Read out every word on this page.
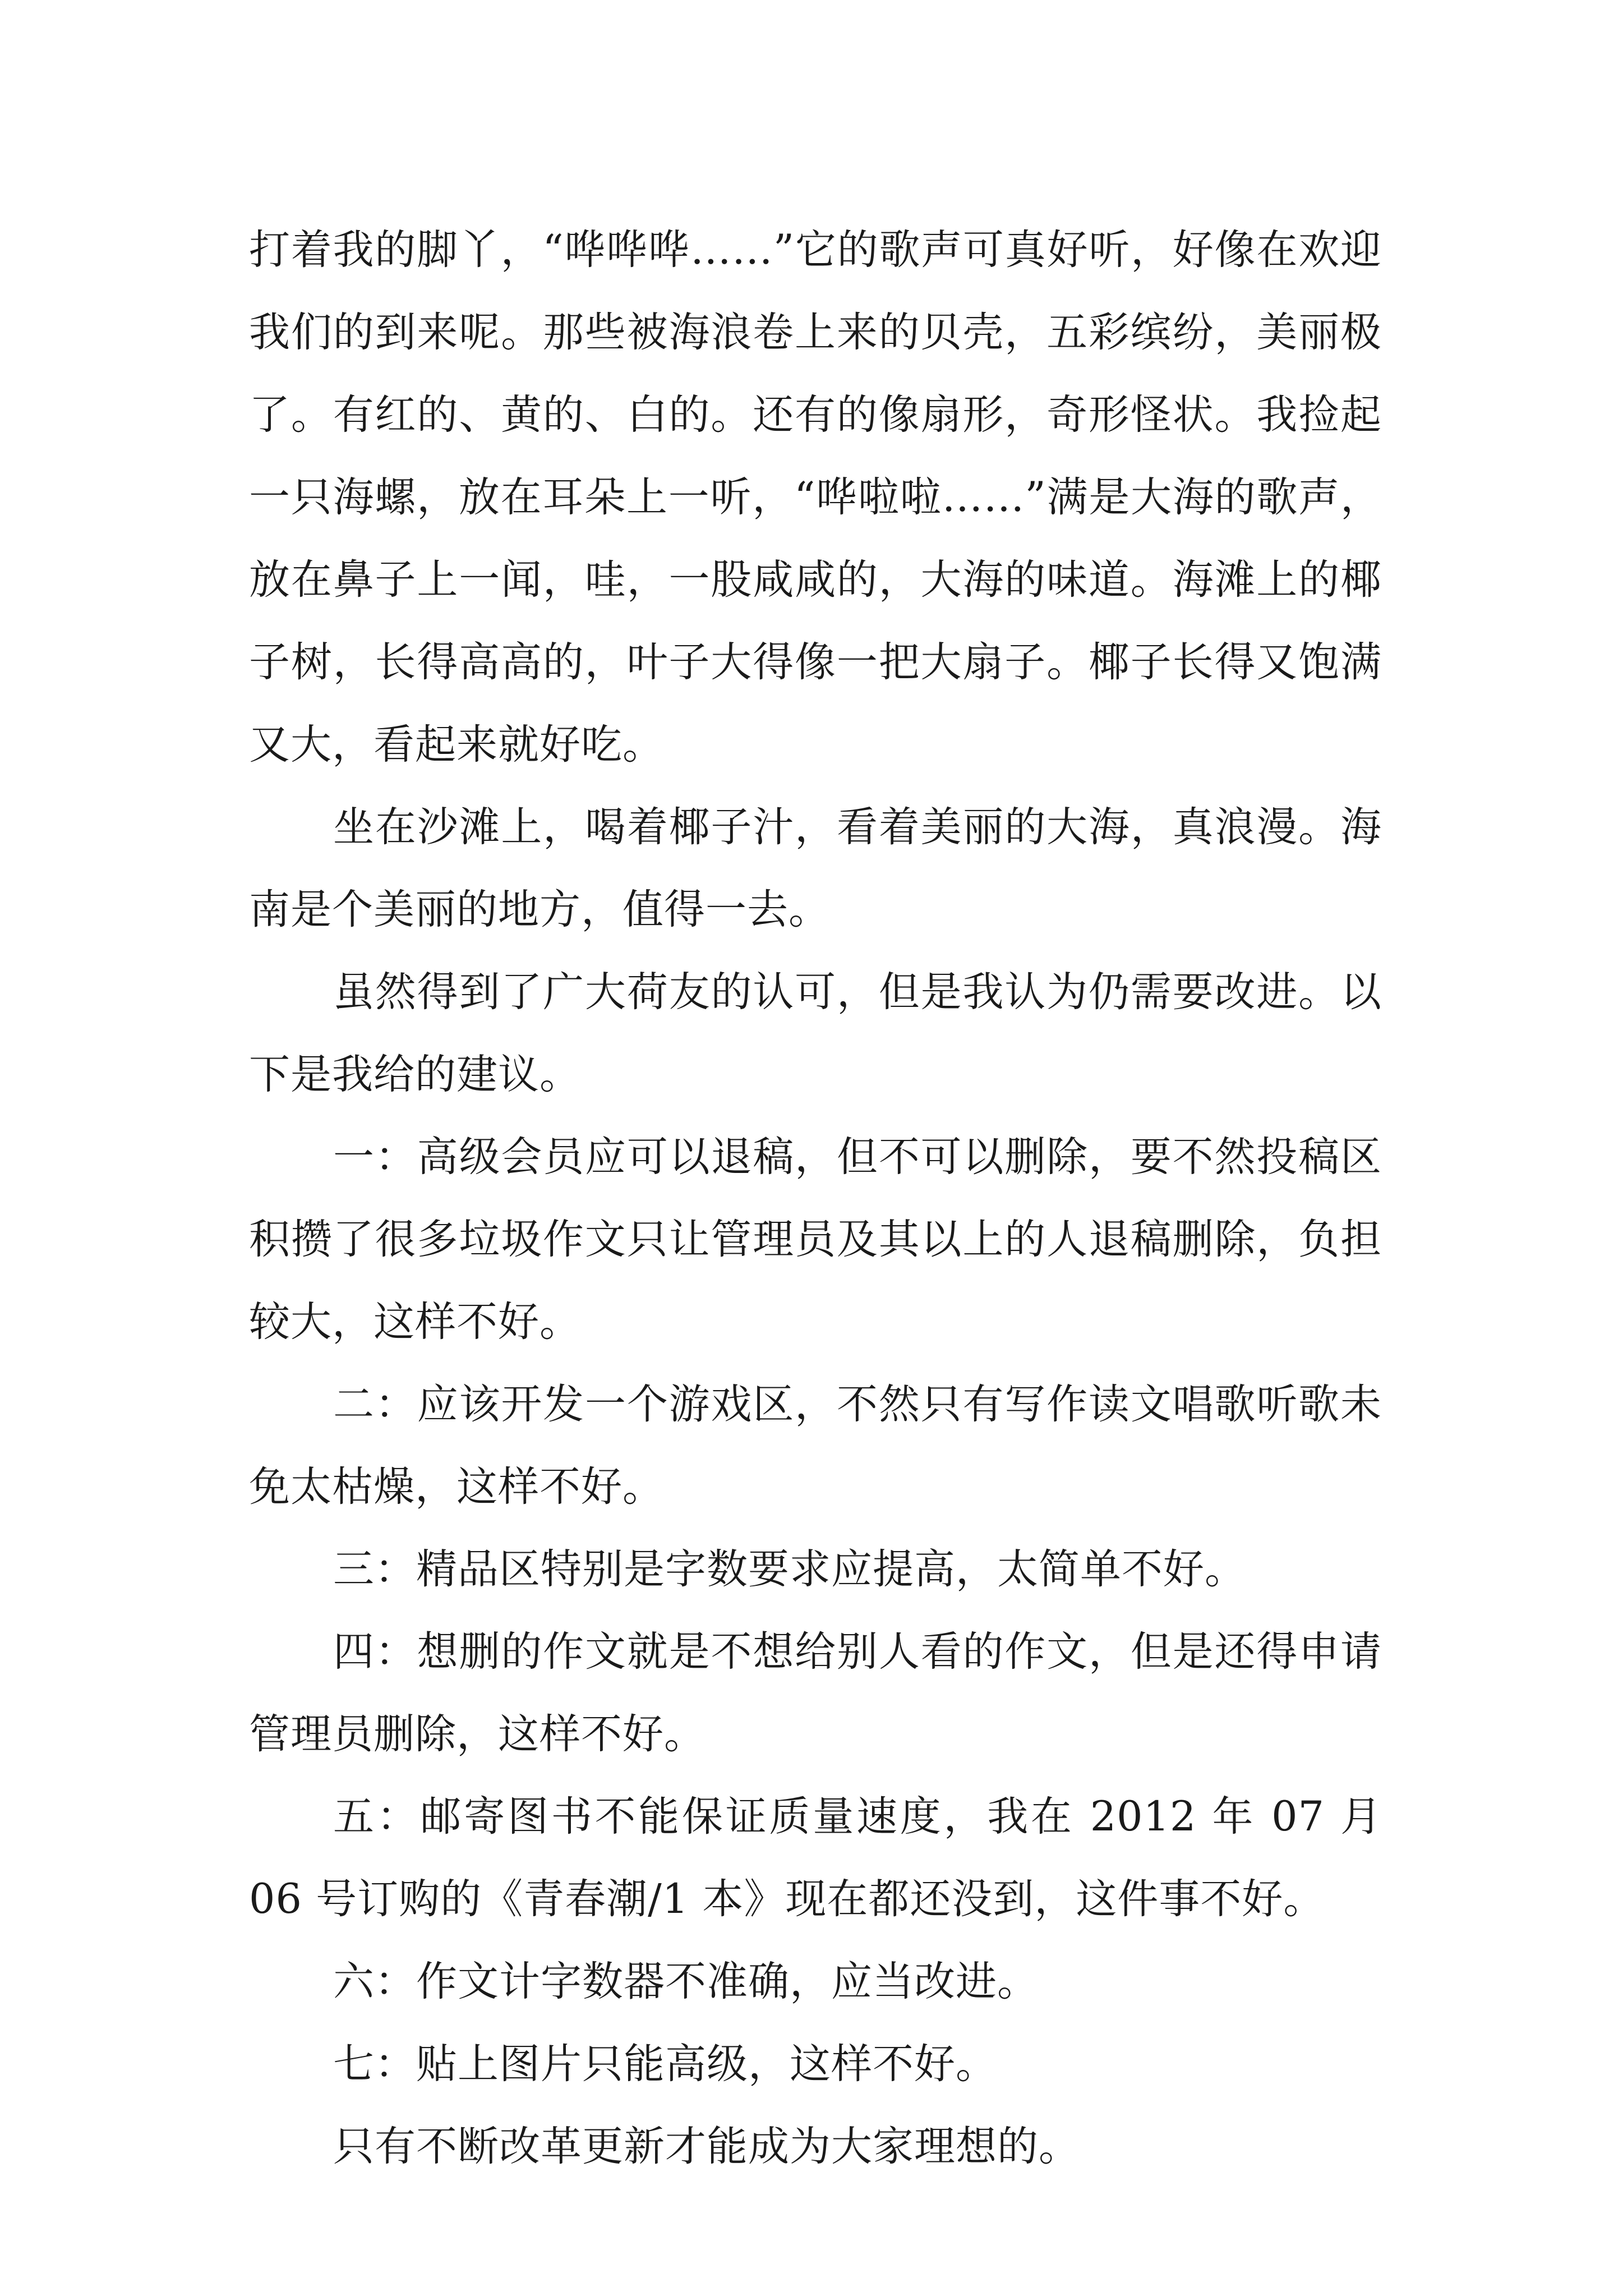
打着我的脚丫，“哗哗哗……”它的歌声可真好听，好像在欢迎我们的到来呢。那些被海浪卷上来的贝壳，五彩缤纷，美丽极了。有红的、黄的、白的。还有的像扇形，奇形怪状。我捡起一只海螺，放在耳朵上一听，“哗啦啦……”满是大海的歌声，放在鼻子上一闻，哇，一股咸咸的，大海的味道。海滩上的椰子树，长得高高的，叶子大得像一把大扇子。椰子长得又饱满又大，看起来就好吃。

坐在沙滩上，喝着椰子汁，看着美丽的大海，真浪漫。海南是个美丽的地方，值得一去。

虽然得到了广大荷友的认可，但是我认为仍需要改进。以下是我给的建议。

一：高级会员应可以退稿，但不可以删除，要不然投稿区积攒了很多垃圾作文只让管理员及其以上的人退稿删除，负担较大，这样不好。

二：应该开发一个游戏区，不然只有写作读文唱歌听歌未免太枯燥，这样不好。

三：精品区特别是字数要求应提高，太简单不好。

四：想删的作文就是不想给别人看的作文，但是还得申请管理员删除，这样不好。

五：邮寄图书不能保证质量速度，我在 2012 年 07 月 06 号订购的《青春潮/1 本》现在都还没到，这件事不好。

六：作文计字数器不准确，应当改进。

七：贴上图片只能高级，这样不好。

只有不断改革更新才能成为大家理想的。
